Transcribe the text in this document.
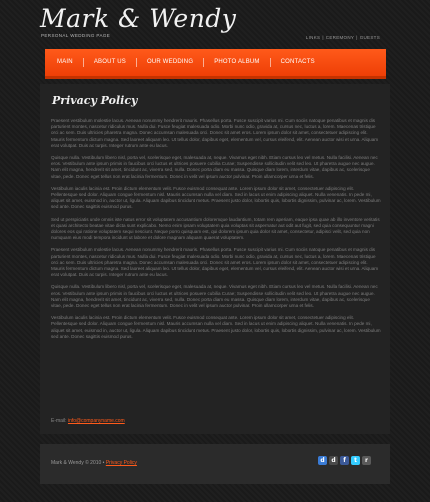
Mark & Wendy
PERSONAL WEDDING PAGE	LINKS | CEREMONY | GUESTS
MAIN	ABOUT US	OUR WEDDING	PHOTO ALBUM	CONTACTS
Privacy Policy

Praesent vestibulum molestie lacus. Aenean nonummy hendrerit mauris. Phasellus porta. Fusce suscipit varius mi. Cum sociis natoque penatibus et magnis dis parturient montes, nascetur ridiculus mus. Nulla dui. Fusce feugiat malesuada odio. Morbi nunc odio, gravida at, cursus nec, luctus a, lorem. Maecenas tristique orci ac sem. Duis ultricies pharetra magna. Donec accumsan malesuada orci. Donec sit amet eros. Lorem ipsum dolor sit amet, consectetuer adipiscing elit. Mauris fermentum dictum magna. Sed laoreet aliquam leo. Ut tellus dolor, dapibus eget, elementum vel, cursus eleifend, elit. Aenean auctor wisi et urna. Aliquam erat volutpat. Duis ac turpis. Integer rutrum ante eu lacus.

Quisque nulla. Vestibulum libero nisl, porta vel, scelerisque eget, malesuada at, neque. Vivamus eget nibh. Etiam cursus leo vel metus. Nulla facilisi. Aenean nec eros. Vestibulum ante ipsum primis in faucibus orci luctus et ultrices posuere cubilia Curae; Suspendisse sollicitudin velit sed leo. Ut pharetra augue nec augue. Nam elit magna, hendrerit sit amet, tincidunt ac, viverra sed, nulla. Donec porta diam eu massa. Quisque diam lorem, interdum vitae, dapibus ac, scelerisque vitae, pede. Donec eget tellus non erat lacinia fermentum. Donec in velit vel ipsum auctor pulvinar. Proin ullamcorper urna et felis.

Vestibulum iaculis lacinia est. Proin dictum elementum velit. Fusce euismod consequat ante. Lorem ipsum dolor sit amet, consectetuer adipiscing elit. Pellentesque sed dolor. Aliquam congue fermentum nisl. Mauris accumsan nulla vel diam. Sed in lacus ut enim adipiscing aliquet. Nulla venenatis. In pede mi, aliquet sit amet, euismod in, auctor ut, ligula. Aliquam dapibus tincidunt metus. Praesent justo dolor, lobortis quis, lobortis dignissim, pulvinar ac, lorem. Vestibulum sed ante. Donec sagittis euismod purus.

Sed ut perspiciatis unde omnis iste natus error sit voluptatem accusantium doloremque laudantium, totam rem aperiam, eaque ipsa quae ab illo inventore veritatis et quasi architecto beatae vitae dicta sunt explicabo. Nemo enim ipsam voluptatem quia voluptas sit aspernatur aut odit aut fugit, sed quia consequuntur magni dolores eos qui ratione voluptatem sequi nesciunt. Neque porro quisquam est, qui dolorem ipsum quia dolor sit amet, consectetur, adipisci velit, sed quia non numquam eius modi tempora incidunt ut labore et dolore magnam aliquam quaerat voluptatem.

Praesent vestibulum molestie lacus. Aenean nonummy hendrerit mauris. Phasellus porta. Fusce suscipit varius mi. Cum sociis natoque penatibus et magnis dis parturient montes, nascetur ridiculus mus. Nulla dui. Fusce feugiat malesuada odio. Morbi nunc odio, gravida at, cursus nec, luctus a, lorem. Maecenas tristique orci ac sem. Duis ultricies pharetra magna. Donec accumsan malesuada orci. Donec sit amet eros. Lorem ipsum dolor sit amet, consectetuer adipiscing elit. Mauris fermentum dictum magna. Sed laoreet aliquam leo. Ut tellus dolor, dapibus eget, elementum vel, cursus eleifend, elit. Aenean auctor wisi et urna. Aliquam erat volutpat. Duis ac turpis. Integer rutrum ante eu lacus.

Quisque nulla. Vestibulum libero nisl, porta vel, scelerisque eget, malesuada at, neque. Vivamus eget nibh. Etiam cursus leo vel metus. Nulla facilisi. Aenean nec eros. Vestibulum ante ipsum primis in faucibus orci luctus et ultrices posuere cubilia Curae; Suspendisse sollicitudin velit sed leo. Ut pharetra augue nec augue. Nam elit magna, hendrerit sit amet, tincidunt ac, viverra sed, nulla. Donec porta diam eu massa. Quisque diam lorem, interdum vitae, dapibus ac, scelerisque vitae, pede. Donec eget tellus non erat lacinia fermentum. Donec in velit vel ipsum auctor pulvinar. Proin ullamcorper urna et felis.

Vestibulum iaculis lacinia est. Proin dictum elementum velit. Fusce euismod consequat ante. Lorem ipsum dolor sit amet, consectetuer adipiscing elit. Pellentesque sed dolor. Aliquam congue fermentum nisl. Mauris accumsan nulla vel diam. Sed in lacus ut enim adipiscing aliquet. Nulla venenatis. In pede mi, aliquet sit amet, euismod in, auctor ut, ligula. Aliquam dapibus tincidunt metus. Praesent justo dolor, lobortis quis, lobortis dignissim, pulvinar ac, lorem. Vestibulum sed ante. Donec sagittis euismod purus.

E-mail: info@companyname.com
Mark & Wendy © 2010 • Privacy Policy	d	d	f	t	r
